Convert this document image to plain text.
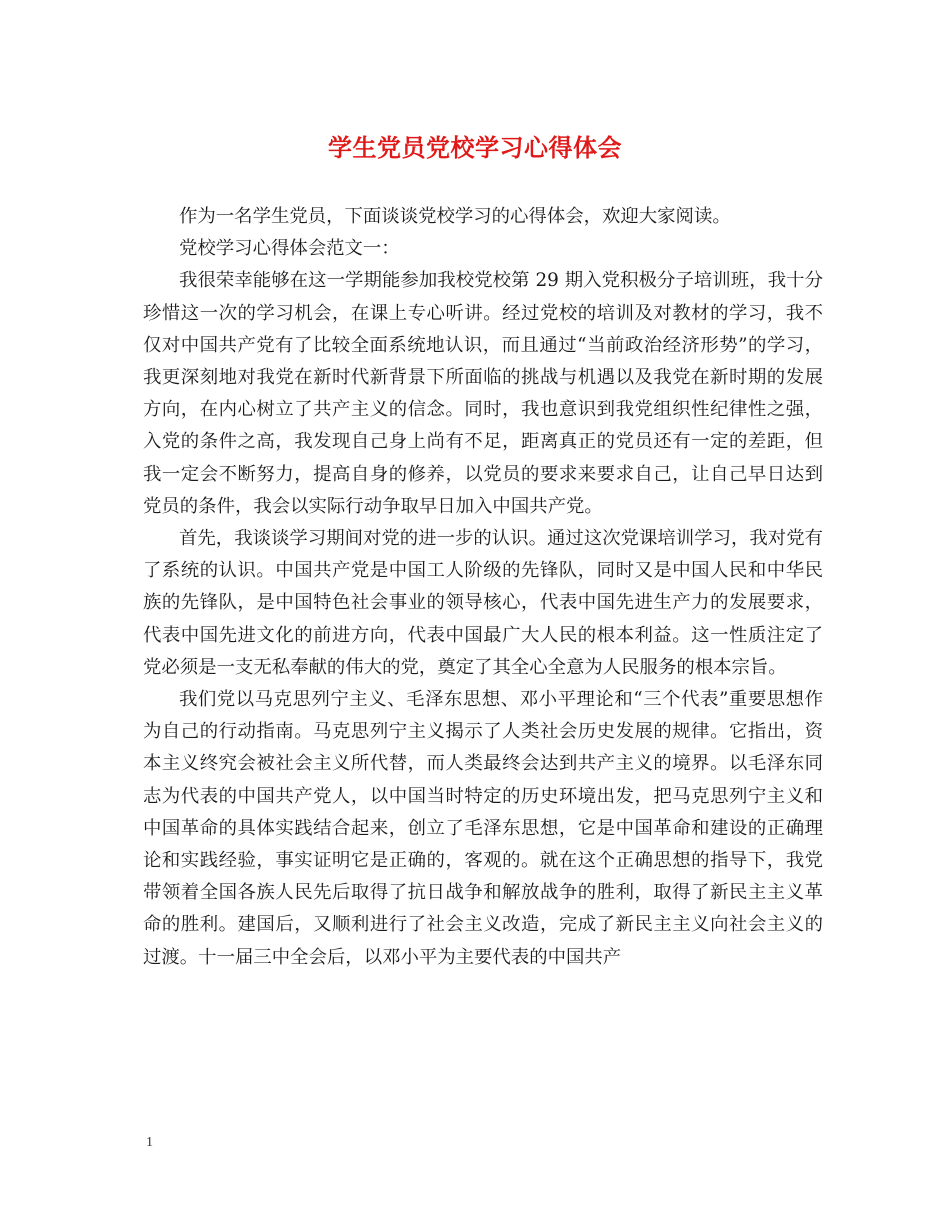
学生党员党校学习心得体会

作为一名学生党员，下面谈谈党校学习的心得体会，欢迎大家阅读。

党校学习心得体会范文一：

我很荣幸能够在这一学期能参加我校党校第 29 期入党积极分子培训班，我十分珍惜这一次的学习机会，在课上专心听讲。经过党校的培训及对教材的学习，我不仅对中国共产党有了比较全面系统地认识，而且通过“当前政治经济形势”的学习，我更深刻地对我党在新时代新背景下所面临的挑战与机遇以及我党在新时期的发展方向，在内心树立了共产主义的信念。同时，我也意识到我党组织性纪律性之强，入党的条件之高，我发现自己身上尚有不足，距离真正的党员还有一定的差距，但我一定会不断努力，提高自身的修养，以党员的要求来要求自己，让自己早日达到党员的条件，我会以实际行动争取早日加入中国共产党。

首先，我谈谈学习期间对党的进一步的认识。通过这次党课培训学习，我对党有了系统的认识。中国共产党是中国工人阶级的先锋队，同时又是中国人民和中华民族的先锋队，是中国特色社会事业的领导核心，代表中国先进生产力的发展要求，代表中国先进文化的前进方向，代表中国最广大人民的根本利益。这一性质注定了党必须是一支无私奉献的伟大的党，奠定了其全心全意为人民服务的根本宗旨。

我们党以马克思列宁主义、毛泽东思想、邓小平理论和“三个代表”重要思想作为自己的行动指南。马克思列宁主义揭示了人类社会历史发展的规律。它指出，资本主义终究会被社会主义所代替，而人类最终会达到共产主义的境界。以毛泽东同志为代表的中国共产党人，以中国当时特定的历史环境出发，把马克思列宁主义和中国革命的具体实践结合起来，创立了毛泽东思想，它是中国革命和建设的正确理论和实践经验，事实证明它是正确的，客观的。就在这个正确思想的指导下，我党带领着全国各族人民先后取得了抗日战争和解放战争的胜利，取得了新民主主义革命的胜利。建国后，又顺利进行了社会主义改造，完成了新民主主义向社会主义的过渡。十一届三中全会后，以邓小平为主要代表的中国共产

1
